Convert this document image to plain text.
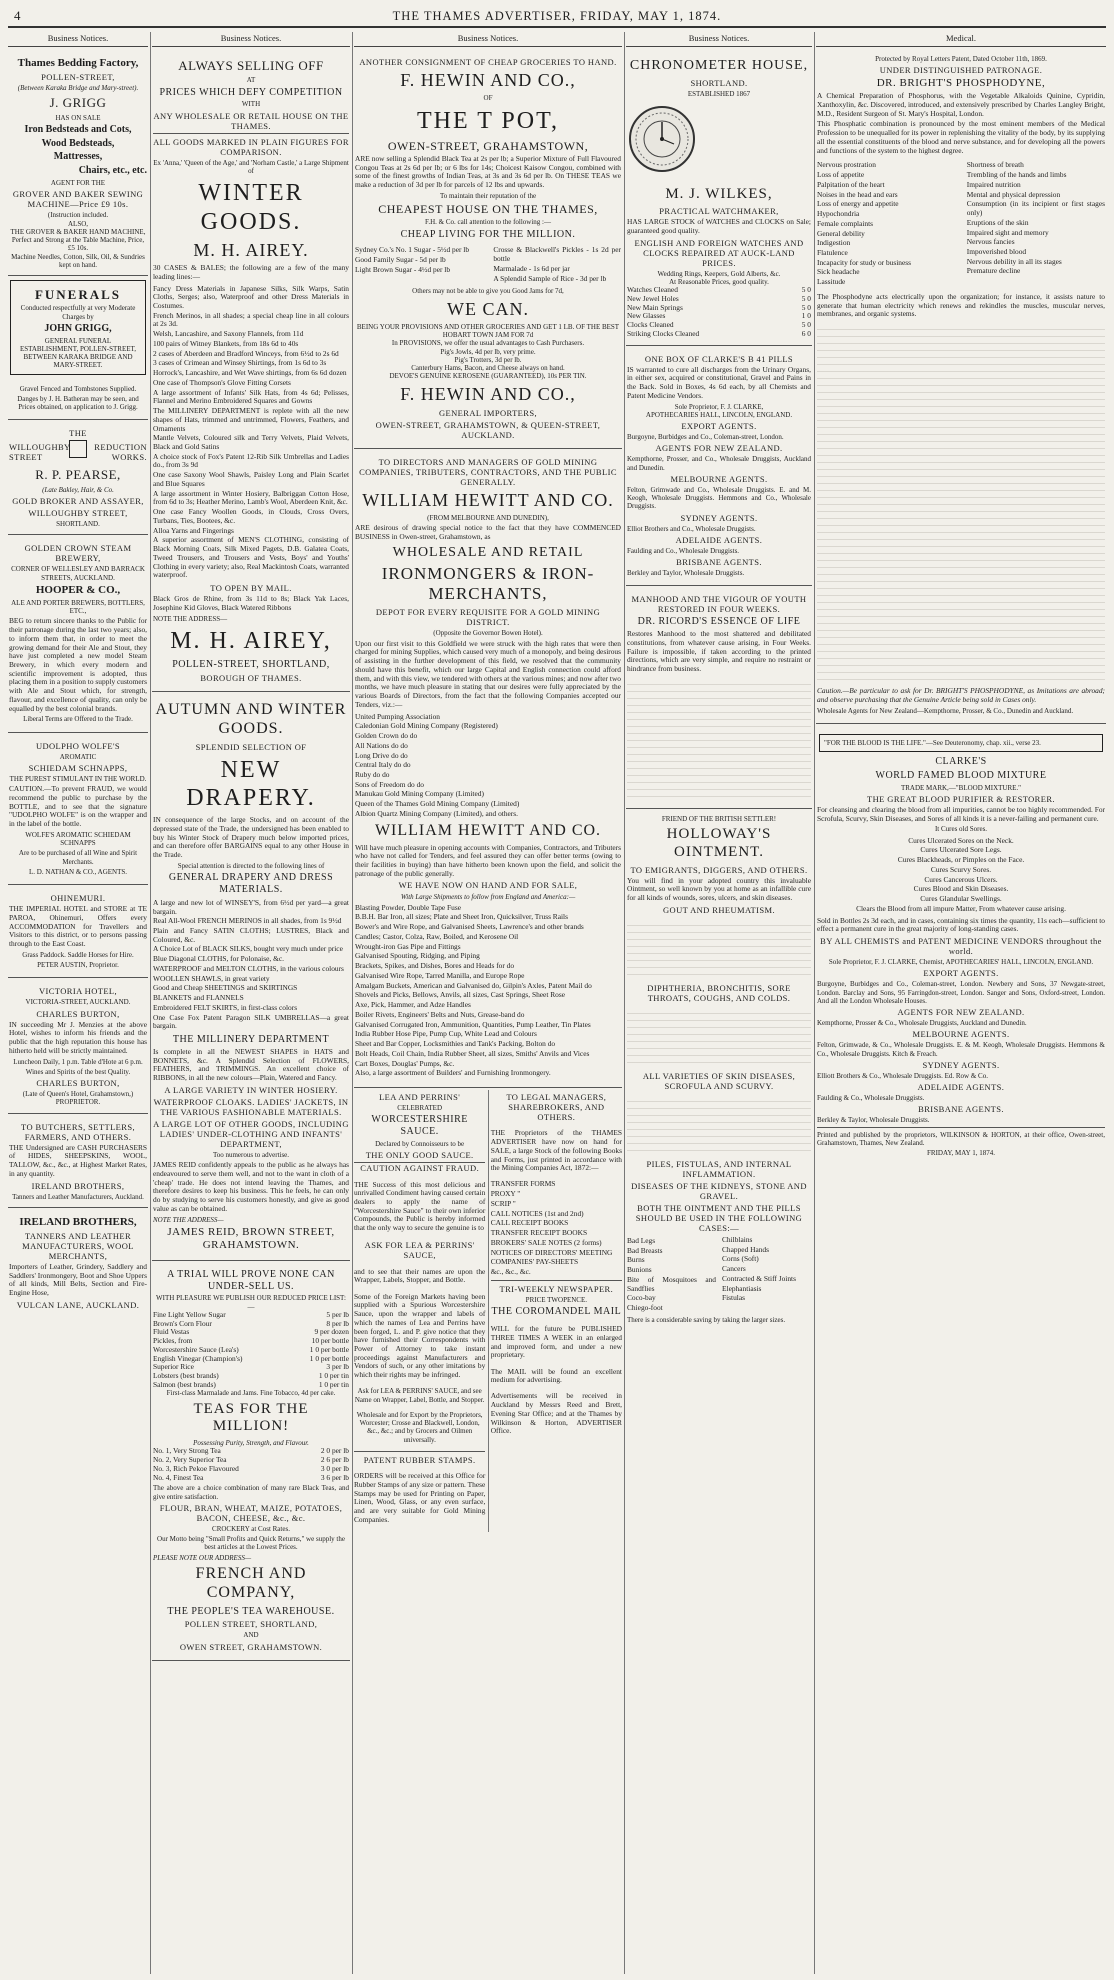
4	THE THAMES ADVERTISER, FRIDAY, MAY 1, 1874.
Business Notices.
Thames Bedding Factory,
POLLEN-STREET,
(Between Karaka Bridge and Mary-street).
J. GRIGG
HAS ON SALE
Iron Bedsteads and Cots,
Wood Bedsteads,
Mattresses,
Chairs, etc., etc.
AGENT FOR THE
GROVER AND BAKER SEWING MACHINE—Price £9 10s.
(Instruction included.
ALSO,
THE GROVER & BAKER HAND MACHINE, Perfect and Strong at the Table Machine, Price, £5 10s.
Machine Needles, Cotton, Silk, Oil, & Sundries kept on hand.
FUNERALS
Conducted respectfully at very Moderate Charges by
JOHN GRIGG,
GENERAL FUNERAL ESTABLISHMENT, POLLEN-STREET, BETWEEN KARAKA BRIDGE AND MARY-STREET.

Gravel Fenced and Tombstones Supplied.

Danges by J. H. Batheran may be seen, and Prices obtained, on application to J. Grigg.

THE
WILLOUGHBY STREET
REDUCTION WORKS.
R. P. PEARSE,
(Late Bakley, Hair, & Co.
GOLD BROKER AND ASSAYER,
WILLOUGHBY STREET,
SHORTLAND.
GOLDEN CROWN STEAM BREWERY,
CORNER OF WELLESLEY AND BARRACK STREETS, AUCKLAND.
HOOPER & CO.,
ALE AND PORTER BREWERS, BOTTLERS, ETC.,

BEG to return sincere thanks to the Public for their patronage during the last two years; also, to inform them that, in order to meet the growing demand for their Ale and Stout, they have just completed a new model Steam Brewery, in which every modern and scientific improvement is adopted, thus placing them in a position to supply customers with Ale and Stout which, for strength, flavour, and excellence of quality, can only be equalled by the best colonial brands.

Liberal Terms are Offered to the Trade.

UDOLPHO WOLFE'S
AROMATIC
SCHIEDAM SCHNAPPS,
THE PUREST STIMULANT IN THE WORLD.

CAUTION.—To prevent FRAUD, we would recommend the public to purchase by the BOTTLE, and to see that the signature "UDOLPHO WOLFE" is on the wrapper and in the label of the bottle.

WOLFE'S AROMATIC SCHIEDAM SCHNAPPS

Are to be purchased of all Wine and Spirit Merchants.

L. D. NATHAN & CO., AGENTS.

OHINEMURI.

THE IMPERIAL HOTEL and STORE at TE PAROA, Ohinemuri, Offers every ACCOMMODATION for Travellers and Visitors to this district, or to persons passing through to the East Coast.

Grass Paddock. Saddle Horses for Hire.

PETER AUSTIN, Proprietor.

VICTORIA HOTEL,
VICTORIA-STREET, AUCKLAND.
CHARLES BURTON,

IN succeeding Mr J. Menzies at the above Hotel, wishes to inform his friends and the public that the high reputation this house has hitherto held will be strictly maintained.

Luncheon Daily, 1 p.m. Table d'Hote at 6 p.m.

Wines and Spirits of the best Quality.

CHARLES BURTON,
(Late of Queen's Hotel, Grahamstown,)
PROPRIETOR.
TO BUTCHERS, SETTLERS, FARMERS, AND OTHERS.

THE Undersigned are CASH PURCHASERS of HIDES, SHEEPSKINS, WOOL, TALLOW, &c., &c., at Highest Market Rates, in any quantity.

IRELAND BROTHERS,
Tanners and Leather Manufacturers, Auckland.
IRELAND BROTHERS,
TANNERS AND LEATHER MANUFACTURERS, WOOL MERCHANTS,

Importers of Leather, Grindery, Saddlery and Saddlers' Ironmongery, Boot and Shoe Uppers of all kinds, Mill Belts, Section and Fire-Engine Hose,

VULCAN LANE, AUCKLAND.
Business Notices.
ALWAYS SELLING OFF
AT
PRICES WHICH DEFY COMPETITION
WITH
ANY WHOLESALE OR RETAIL HOUSE ON THE THAMES.
ALL GOODS MARKED IN PLAIN FIGURES FOR COMPARISON.
Ex 'Anna,' 'Queen of the Age,' and 'Norham Castle,' a Large Shipment of
WINTER GOODS.
M. H. AIREY.

30 CASES & BALES; the following are a few of the many leading lines:—

Fancy Dress Materials in Japanese Silks, Silk Warps, Satin Cloths, Serges; also, Waterproof and other Dress Materials in Costumes.
French Merinos, in all shades; a special cheap line in all colours at 2s 3d.
Welsh, Lancashire, and Saxony Flannels, from 11d
100 pairs of Witney Blankets, from 18s 6d to 40s
2 cases of Aberdeen and Bradford Winceys, from 6½d to 2s 6d
3 cases of Crimean and Winsey Shirtings, from 1s 6d to 3s
Horrock's, Lancashire, and Wet Wave shirtings, from 6s 6d dozen
One case of Thompson's Glove Fitting Corsets
A large assortment of Infants' Silk Hats, from 4s 6d; Pelisses, Flannel and Merino Embroidered Squares and Gowns
The MILLINERY DEPARTMENT is replete with all the new shapes of Hats, trimmed and untrimmed, Flowers, Feathers, and Ornaments
Mantle Velvets, Coloured silk and Terry Velvets, Plaid Velvets, Black and Gold Satins
A choice stock of Fox's Patent 12-Rib Silk Umbrellas and Ladies do., from 3s 9d
One case Saxony Wool Shawls, Paisley Long and Plain Scarlet and Blue Squares
A large assortment in Winter Hosiery, Balbriggan Cotton Hose, from 6d to 3s; Heather Merino, Lamb's Wool, Aberdeen Knit, &c.
One case Fancy Woollen Goods, in Clouds, Cross Overs, Turbans, Ties, Bootees, &c.
Alloa Yarns and Fingerings
A superior assortment of MEN'S CLOTHING, consisting of Black Morning Coats, Silk Mixed Pagets, D.B. Galatea Coats, Tweed Trousers, and Trousers and Vests, Boys' and Youths' Clothing in every variety; also, Real Mackintosh Coats, warranted waterproof.
TO OPEN BY MAIL.

Black Gros de Rhine, from 3s 11d to 8s; Black Yak Laces, Josephine Kid Gloves, Black Watered Ribbons

NOTE THE ADDRESS—
M. H. AIREY,
POLLEN-STREET, SHORTLAND,
BOROUGH OF THAMES.
AUTUMN AND WINTER GOODS.
SPLENDID SELECTION OF
NEW DRAPERY.

IN consequence of the large Stocks, and on account of the depressed state of the Trade, the undersigned has been enabled to buy his Winter Stock of Drapery much below imported prices, and can therefore offer BARGAINS equal to any other House in the Trade.

Special attention is directed to the following lines of

GENERAL DRAPERY AND DRESS MATERIALS.
A large and new lot of WINSEY'S, from 6½d per yard—a great bargain.
Real All-Wool FRENCH MERINOS in all shades, from 1s 9½d
Plain and Fancy SATIN CLOTHS; LUSTRES, Black and Coloured, &c.
A Choice Lot of BLACK SILKS, bought very much under price
Blue Diagonal CLOTHS, for Polonaise, &c.
WATERPROOF and MELTON CLOTHS, in the various colours
WOOLLEN SHAWLS, in great variety
Good and Cheap SHEETINGS and SKIRTINGS
BLANKETS and FLANNELS
Embroidered FELT SKIRTS, in first-class colors
One Case Fox Patent Paragon SILK UMBRELLAS—a great bargain.
THE MILLINERY DEPARTMENT

Is complete in all the NEWEST SHAPES in HATS and BONNETS, &c. A Splendid Selection of FLOWERS, FEATHERS, and TRIMMINGS. An excellent choice of RIBBONS, in all the new colours—Plain, Watered and Fancy.

A LARGE VARIETY IN WINTER HOSIERY.
WATERPROOF CLOAKS. LADIES' JACKETS, IN THE VARIOUS FASHIONABLE MATERIALS.
A LARGE LOT OF OTHER GOODS, INCLUDING LADIES' UNDER-CLOTHING AND INFANTS' DEPARTMENT,
Too numerous to advertise.

JAMES REID confidently appeals to the public as he always has endeavoured to serve them well, and not to the want in cloth of a 'cheap' trade. He does not intend leaving the Thames, and therefore desires to keep his business. This he feels, he can only do by studying to serve his customers honestly, and give as good value as can be obtained.

NOTE THE ADDRESS—
JAMES REID, BROWN STREET, GRAHAMSTOWN.
A TRIAL WILL PROVE NONE CAN UNDER-SELL US.
WITH PLEASURE WE PUBLISH OUR REDUCED PRICE LIST:—
Fine Light Yellow Sugar	5 per lb
Brown's Corn Flour	8 per lb
Fluid Vestas	9 per dozen
Pickles, from	10 per bottle
Worcestershire Sauce (Lea's)	1 0 per bottle
English Vinegar (Champion's)	1 0 per bottle
Superior Rice	3 per lb
Lobsters (best brands)	1 0 per tin
Salmon (best brands)	1 0 per tin
First-class Marmalade and Jams. Fine Tobacco, 4d per cake.
TEAS FOR THE MILLION!
Possessing Purity, Strength, and Flavour.
No. 1, Very Strong Tea	2 0 per lb
No. 2, Very Superior Tea	2 6 per lb
No. 3, Rich Pekoe Flavoured	3 0 per lb
No. 4, Finest Tea	3 6 per lb

The above are a choice combination of many rare Black Teas, and give entire satisfaction.

FLOUR, BRAN, WHEAT, MAIZE, POTATOES, BACON, CHEESE, &c., &c.
CROCKERY at Cost Rates.

Our Motto being "Small Profits and Quick Returns," we supply the best articles at the Lowest Prices.

PLEASE NOTE OUR ADDRESS—
FRENCH AND COMPANY,
THE PEOPLE'S TEA WAREHOUSE.
POLLEN STREET, SHORTLAND,
AND
OWEN STREET, GRAHAMSTOWN.
Business Notices.
ANOTHER CONSIGNMENT OF CHEAP GROCERIES TO HAND.
F. HEWIN AND CO.,
OF
THE T POT,
OWEN-STREET, GRAHAMSTOWN,

ARE now selling a Splendid Black Tea at 2s per lb; a Superior Mixture of Full Flavoured Congou Teas at 2s 6d per lb; or 6 lbs for 14s; Choicest Kaisow Congou, combined with some of the finest growths of Indian Teas, at 3s and 3s 6d per lb. On THESE TEAS we make a reduction of 3d per lb for parcels of 12 lbs and upwards.

To maintain their reputation of the
CHEAPEST HOUSE ON THE THAMES,
F.H. & Co. call attention to the following :—
CHEAP LIVING FOR THE MILLION.
Sydney Co.'s No. 1 Sugar - 5½d per lb
Good Family Sugar - 5d per lb
Light Brown Sugar - 4½d per lb
Crosse & Blackwell's Pickles - 1s 2d per bottle
Marmalade - 1s 6d per jar
A Splendid Sample of Rice - 3d per lb
Others may not be able to give you Good Jams for 7d,
WE CAN.
BEING YOUR PROVISIONS AND OTHER GROCERIES AND GET 1 LB. OF THE BEST HOBART TOWN JAM FOR 7d
In PROVISIONS, we offer the usual advantages to Cash Purchasers.
Pig's Jowls, 4d per lb, very prime.
Pig's Trotters, 3d per lb.
Canterbury Hams, Bacon, and Cheese always on hand.
DEVOE'S GENUINE KEROSENE (GUARANTEED), 10s PER TIN.
F. HEWIN AND CO.,
GENERAL IMPORTERS,
OWEN-STREET, GRAHAMSTOWN, & QUEEN-STREET, AUCKLAND.
TO DIRECTORS AND MANAGERS OF GOLD MINING COMPANIES, TRIBUTERS, CONTRACTORS, AND THE PUBLIC GENERALLY.
WILLIAM HEWITT AND CO.
(FROM MELBOURNE AND DUNEDIN),

ARE desirous of drawing special notice to the fact that they have COMMENCED BUSINESS in Owen-street, Grahamstown, as

WHOLESALE AND RETAIL
IRONMONGERS & IRON-MERCHANTS,
DEPOT FOR EVERY REQUISITE FOR A GOLD MINING DISTRICT.
(Opposite the Governor Bowen Hotel).

Upon our first visit to this Goldfield we were struck with the high rates that were then charged for mining Supplies, which caused very much of a monopoly, and being desirous of assisting in the further development of this field, we resolved that the community should have this benefit, which our large Capital and English connection could afford them, and with this view, we tendered with others at the various mines; and now after two months, we have much pleasure in stating that our desires were fully appreciated by the various Boards of Directors, from the fact that the following Companies accepted our Tenders, viz.:—

United Pumping Association
Caledonian Gold Mining Company (Registered)
Golden Crown do do
All Nations do do
Long Drive do do
Central Italy do do
Ruby do do
Sons of Freedom do do
Manukau Gold Mining Company (Limited)
Queen of the Thames Gold Mining Company (Limited)
Albion Quartz Mining Company (Limited), and others.
WILLIAM HEWITT AND CO.

Will have much pleasure in opening accounts with Companies, Contractors, and Tributers who have not called for Tenders, and feel assured they can offer better terms (owing to their facilities in buying) than have hitherto been known upon the field, and solicit the patronage of the public generally.

WE HAVE NOW ON HAND AND FOR SALE,
With Large Shipments to follow from England and America:—
Blasting Powder, Double Tape Fuse
B.B.H. Bar Iron, all sizes; Plate and Sheet Iron, Quicksilver, Truss Rails
Bower's and Wire Rope, and Galvanised Sheets, Lawrence's and other brands
Candles; Castor, Colza, Raw, Boiled, and Kerosene Oil
Wrought-iron Gas Pipe and Fittings
Galvanised Spouting, Ridging, and Piping
Brackets, Spikes, and Dishes, Bores and Heads for do
Galvanised Wire Rope, Tarred Manilla, and Europe Rope
Amalgam Buckets, American and Galvanised do, Gilpin's Axles, Patent Mail do
Shovels and Picks, Bellows, Anvils, all sizes, Cast Springs, Sheet Rose
Axe, Pick, Hammer, and Adze Handles
Boiler Rivets, Engineers' Belts and Nuts, Grease-band do
Galvanised Corrugated Iron, Ammunition, Quantities, Pump Leather, Tin Plates
India Rubber Hose Pipe, Pump Cup, White Lead and Colours
Sheet and Bar Copper, Locksmithies and Tank's Packing, Bolton do
Bolt Heads, Coil Chain, India Rubber Sheet, all sizes, Smiths' Anvils and Vices
Cart Boxes, Douglas' Pumps, &c.
Also, a large assortment of Builders' and Furnishing Ironmongery.
LEA AND PERRINS'
CELEBRATED
WORCESTERSHIRE SAUCE.
Declared by Connoisseurs to be
THE ONLY GOOD SAUCE.
CAUTION AGAINST FRAUD.

THE Success of this most delicious and unrivalled Condiment having caused certain dealers to apply the name of "Worcestershire Sauce" to their own inferior Compounds, the Public is hereby informed that the only way to secure the genuine is to

ASK FOR LEA & PERRINS' SAUCE,

and to see that their names are upon the Wrapper, Labels, Stopper, and Bottle.

Some of the Foreign Markets having been supplied with a Spurious Worcestershire Sauce, upon the wrapper and labels of which the names of Lea and Perrins have been forged, L. and P. give notice that they have furnished their Correspondents with Power of Attorney to take instant proceedings against Manufacturers and Vendors of such, or any other imitations by which their rights may be infringed.

Ask for LEA & PERRINS' SAUCE, and see Name on Wrapper, Label, Bottle, and Stopper.

Wholesale and for Export by the Proprietors, Worcester; Crosse and Blackwell, London, &c., &c.; and by Grocers and Oilmen universally.

PATENT RUBBER STAMPS.

ORDERS will be received at this Office for Rubber Stamps of any size or pattern. These Stamps may be used for Printing on Paper, Linen, Wood, Glass, or any even surface, and are very suitable for Gold Mining Companies.

TO LEGAL MANAGERS, SHAREBROKERS, AND OTHERS.

THE Proprietors of the THAMES ADVERTISER have now on hand for SALE, a large Stock of the following Books and Forms, just printed in accordance with the Mining Companies Act, 1872:—

TRANSFER FORMS
PROXY "
SCRIP "
CALL NOTICES (1st and 2nd)
CALL RECEIPT BOOKS
TRANSFER RECEIPT BOOKS
BROKERS' SALE NOTES (2 forms)
NOTICES OF DIRECTORS' MEETING
COMPANIES' PAY-SHEETS
&c., &c., &c.
TRI-WEEKLY NEWSPAPER.
PRICE TWOPENCE.
THE COROMANDEL MAIL

WILL for the future be PUBLISHED THREE TIMES A WEEK in an enlarged and improved form, and under a new proprietary.

The MAIL will be found an excellent medium for advertising.

Advertisements will be received in Auckland by Messrs Reed and Brett, Evening Star Office; and at the Thames by Wilkinson & Horton, ADVERTISER Office.

Business Notices.
CHRONOMETER HOUSE,
SHORTLAND.
ESTABLISHED 1867
M. J. WILKES,
PRACTICAL WATCHMAKER,

HAS LARGE STOCK of WATCHES and CLOCKS on Sale; guaranteed good quality.

ENGLISH AND FOREIGN WATCHES AND CLOCKS REPAIRED AT AUCK-LAND PRICES.
Wedding Rings, Keepers, Gold Alberts, &c.
At Reasonable Prices, good quality.
Watches Cleaned	5 0
New Jewel Holes	5 0
New Main Springs	5 0
New Glasses	1 0
Clocks Cleaned	5 0
Striking Clocks Cleaned	6 0
ONE BOX OF CLARKE'S B 41 PILLS

IS warranted to cure all discharges from the Urinary Organs, in either sex, acquired or constitutional, Gravel and Pains in the Back. Sold in Boxes, 4s 6d each, by all Chemists and Patent Medicine Vendors.

Sole Proprietor, F. J. CLARKE,
APOTHECARIES HALL, LINCOLN, ENGLAND.
EXPORT AGENTS.

Burgoyne, Burbidges and Co., Coleman-street, London.

AGENTS FOR NEW ZEALAND.

Kempthorne, Prosser, and Co., Wholesale Druggists, Auckland and Dunedin.

MELBOURNE AGENTS.

Felton, Grimwade and Co., Wholesale Druggists. E. and M. Keogh, Wholesale Druggists. Hemmons and Co., Wholesale Druggists.

SYDNEY AGENTS.

Elliot Brothers and Co., Wholesale Druggists.

ADELAIDE AGENTS.

Faulding and Co., Wholesale Druggists.

BRISBANE AGENTS.

Berkley and Taylor, Wholesale Druggists.

MANHOOD AND THE VIGOUR OF YOUTH RESTORED IN FOUR WEEKS.
DR. RICORD'S ESSENCE OF LIFE

Restores Manhood to the most shattered and debilitated constitutions, from whatever cause arising, in Four Weeks. Failure is impossible, if taken according to the printed directions, which are very simple, and require no restraint or hindrance from business.

FRIEND OF THE BRITISH SETTLER!
HOLLOWAY'S OINTMENT.
TO EMIGRANTS, DIGGERS, AND OTHERS.

You will find in your adopted country this invaluable Ointment, so well known by you at home as an infallible cure for all kinds of wounds, sores, ulcers, and skin diseases.

GOUT AND RHEUMATISM.
DIPHTHERIA, BRONCHITIS, SORE THROATS, COUGHS, AND COLDS.
ALL VARIETIES OF SKIN DISEASES, SCROFULA AND SCURVY.
PILES, FISTULAS, AND INTERNAL INFLAMMATION.
DISEASES OF THE KIDNEYS, STONE AND GRAVEL.
BOTH THE OINTMENT AND THE PILLS SHOULD BE USED IN THE FOLLOWING CASES:—
Bad Legs
Bad Breasts
Burns
Bunions
Bite of Mosquitoes and Sandflies
Coco-bay
Chiego-foot
Chilblains
Chapped Hands
Corns (Soft)
Cancers
Contracted & Stiff Joints
Elephantiasis
Fistulas

There is a considerable saving by taking the larger sizes.

Medical.
Protected by Royal Letters Patent, Dated October 11th, 1869.
UNDER DISTINGUISHED PATRONAGE.
DR. BRIGHT'S PHOSPHODYNE,

A Chemical Preparation of Phosphorus, with the Vegetable Alkaloids Quinine, Cypridin, Xanthoxylin, &c. Discovered, introduced, and extensively prescribed by Charles Langley Bright, M.D., Resident Surgeon of St. Mary's Hospital, London.

This Phosphatic combination is pronounced by the most eminent members of the Medical Profession to be unequalled for its power in replenishing the vitality of the body, by its supplying all the essential constituents of the blood and nerve substance, and for developing all the powers and functions of the system to the highest degree.

Nervous prostration
Loss of appetite
Palpitation of the heart
Noises in the head and ears
Loss of energy and appetite
Hypochondria
Female complaints
General debility
Indigestion
Flatulence
Incapacity for study or business
Sick headache
Lassitude
Shortness of breath
Trembling of the hands and limbs
Impaired nutrition
Mental and physical depression
Consumption (in its incipient or first stages only)
Eruptions of the skin
Impaired sight and memory
Nervous fancies
Impoverished blood
Nervous debility in all its stages
Premature decline

The Phosphodyne acts electrically upon the organization; for instance, it assists nature to generate that human electricity which renews and rekindles the muscles, muscular nerves, membranes, and organic systems.

Caution.—Be particular to ask for Dr. BRIGHT'S PHOSPHODYNE, as Imitations are abroad; and observe purchasing that the Genuine Article being sold in Cases only.

Wholesale Agents for New Zealand—Kempthorne, Prosser, & Co., Dunedin and Auckland.

"FOR THE BLOOD IS THE LIFE."—See Deuteronomy, chap. xii., verse 23.
CLARKE'S
WORLD FAMED BLOOD MIXTURE
TRADE MARK,—"BLOOD MIXTURE."
THE GREAT BLOOD PURIFIER & RESTORER.

For cleansing and clearing the blood from all impurities, cannot be too highly recommended. For Scrofula, Scurvy, Skin Diseases, and Sores of all kinds it is a never-failing and permanent cure.

It Cures old Sores.
Cures Ulcerated Sores on the Neck.
Cures Ulcerated Sore Legs.
Cures Blackheads, or Pimples on the Face.
Cures Scurvy Sores.
Cures Cancerous Ulcers.
Cures Blood and Skin Diseases.
Cures Glandular Swellings.
Clears the Blood from all impure Matter, From whatever cause arising.

Sold in Bottles 2s 3d each, and in cases, containing six times the quantity, 11s each—sufficient to effect a permanent cure in the great majority of long-standing cases.

BY ALL CHEMISTS and PATENT MEDICINE VENDORS throughout the world.

Sole Proprietor, F. J. CLARKE, Chemist, APOTHECARIES' HALL, LINCOLN, ENGLAND.

EXPORT AGENTS.

Burgoyne, Burbidges and Co., Coleman-street, London. Newbery and Sons, 37 Newgate-street, London. Barclay and Sons, 95 Farringdon-street, London. Sanger and Sons, Oxford-street, London. And all the London Wholesale Houses.

AGENTS FOR NEW ZEALAND.

Kempthorne, Prosser & Co., Wholesale Druggists, Auckland and Dunedin.

MELBOURNE AGENTS.

Felton, Grimwade, & Co., Wholesale Druggists. E. & M. Keogh, Wholesale Druggists. Hemmons & Co., Wholesale Druggists. Kitch & Freach.

SYDNEY AGENTS.

Elliott Brothers & Co., Wholesale Druggists. Ed. Row & Co.

ADELAIDE AGENTS.

Faulding & Co., Wholesale Druggists.

BRISBANE AGENTS.

Berkley & Taylor, Wholesale Druggists.

Printed and published by the proprietors, WILKINSON & HORTON, at their office, Owen-street, Grahamstown, Thames, New Zealand.

FRIDAY, MAY 1, 1874.
